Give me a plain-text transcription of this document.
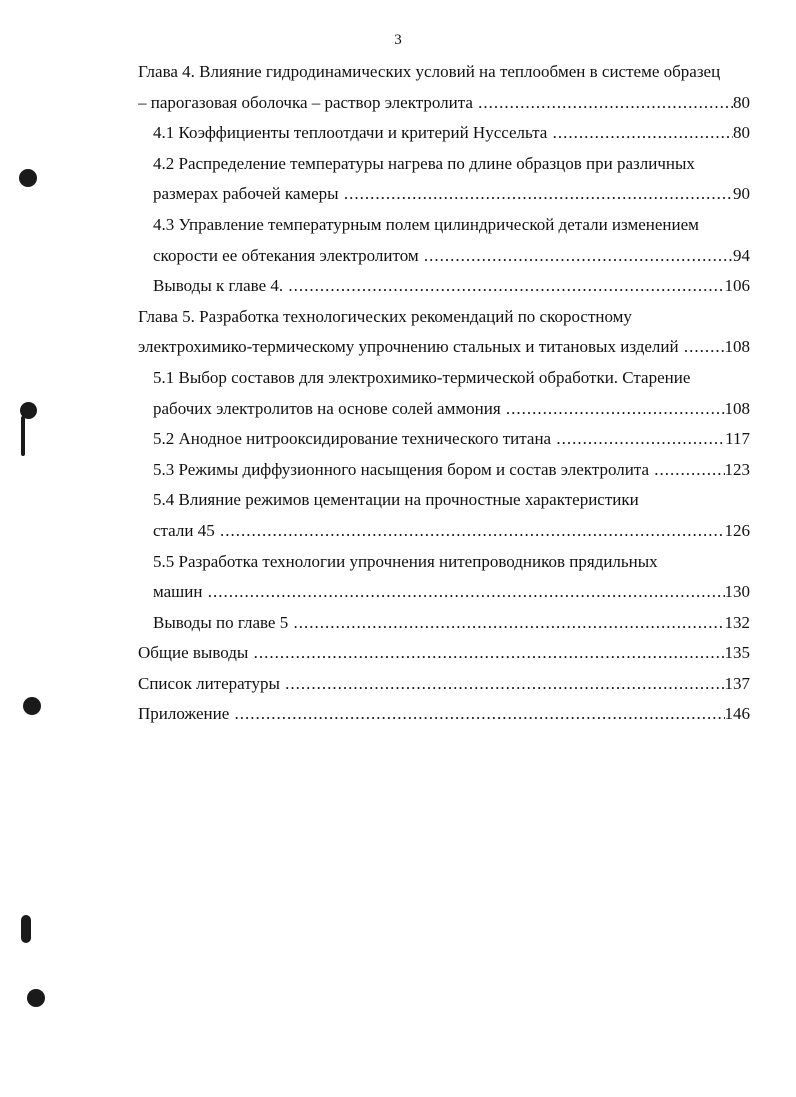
3
Глава 4. Влияние гидродинамических условий на теплообмен в системе образец
– парогазовая оболочка – раствор электролита .....	80
4.1 Коэффициенты теплоотдачи и критерий Нуссельта .....	80
4.2 Распределение температуры нагрева по длине образцов при различных
размерах рабочей камеры .....	90
4.3 Управление температурным полем цилиндрической детали изменением
скорости ее обтекания электролитом .....	94
Выводы к главе 4. .....	106
Глава 5. Разработка технологических рекомендаций по скоростному
электрохимико-термическому упрочнению стальных и титановых изделий .....	108
5.1 Выбор составов для электрохимико-термической обработки. Старение
рабочих электролитов на основе солей аммония .....	108
5.2 Анодное нитрооксидирование технического титана .....	117
5.3 Режимы диффузионного насыщения бором и состав электролита .....	123
5.4 Влияние режимов цементации на прочностные характеристики
стали 45 .....	126
5.5 Разработка технологии упрочнения нитепроводников прядильных
машин .....	130
Выводы по главе 5 .....	132
Общие выводы .....	135
Список литературы .....	137
Приложение .....	146
